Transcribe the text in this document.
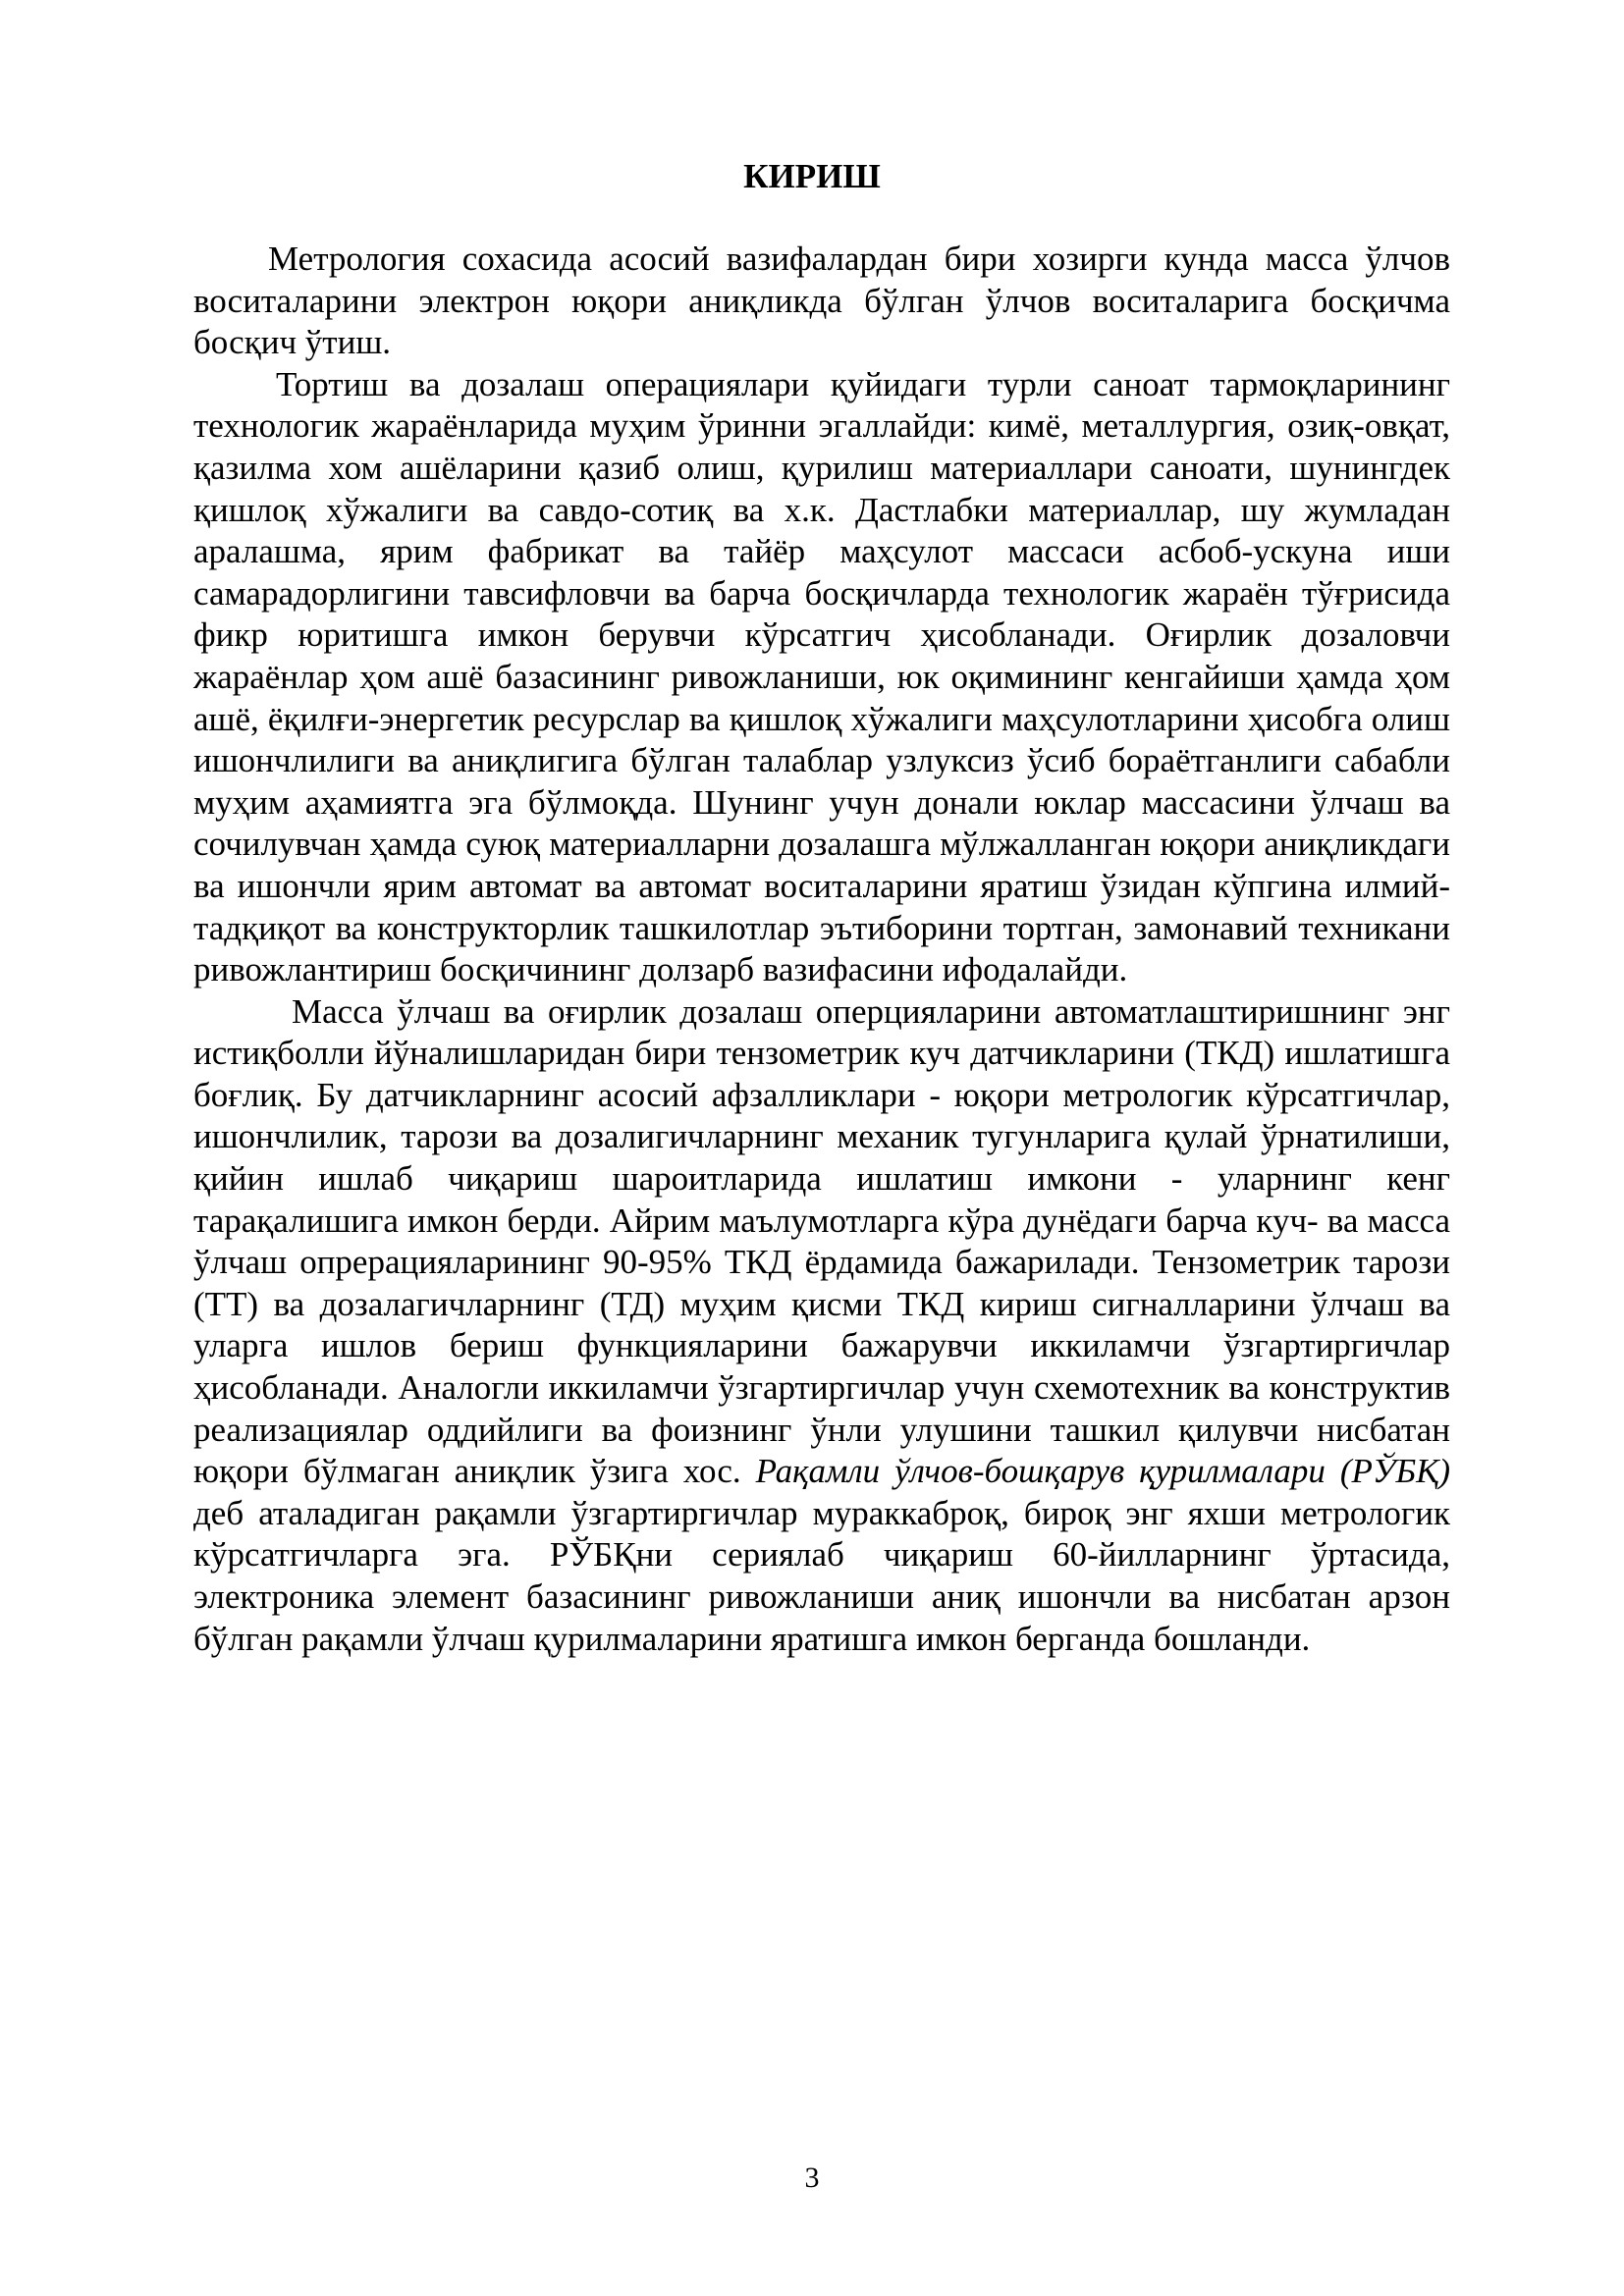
КИРИШ

Метрология сохасида асосий вазифалардан бири хозирги кунда масса ўлчов воситаларини электрон юқори аниқликда бўлган ўлчов воситаларига босқичма босқич ўтиш.

Тортиш ва дозалаш операциялари қуйидаги турли саноат тармоқларининг технологик жараёнларида муҳим ўринни эгаллайди: кимё, металлургия, озиқ-овқат, қазилма хом ашёларини қазиб олиш, қурилиш материаллари саноати, шунингдек қишлоқ хўжалиги ва савдо-сотиқ ва х.к. Дастлабки материаллар, шу жумладан аралашма, ярим фабрикат ва тайёр маҳсулот массаси асбоб-ускуна иши самарадорлигини тавсифловчи ва барча босқичларда технологик жараён тўғрисида фикр юритишга имкон берувчи кўрсатгич ҳисобланади. Оғирлик дозаловчи жараёнлар ҳом ашё базасининг ривожланиши, юк оқимининг кенгайиши ҳамда ҳом ашё, ёқилғи-энергетик ресурслар ва қишлоқ хўжалиги маҳсулотларини ҳисобга олиш ишончлилиги ва аниқлигига бўлган талаблар узлуксиз ўсиб бораётганлиги сабабли муҳим аҳамиятга эга бўлмоқда. Шунинг учун донали юклар массасини ўлчаш ва сочилувчан ҳамда суюқ материалларни дозалашга мўлжалланган юқори аниқликдаги ва ишончли ярим автомат ва автомат воситаларини яратиш ўзидан кўпгина илмий-тадқиқот ва конструкторлик ташкилотлар эътиборини тортган, замонавий техникани ривожлантириш босқичининг долзарб вазифасини ифодалайди.

Масса ўлчаш ва оғирлик дозалаш оперцияларини автоматлаштиришнинг энг истиқболли йўналишларидан бири тензометрик куч датчикларини (ТКД) ишлатишга боғлиқ. Бу датчикларнинг асосий афзалликлари - юқори метрологик кўрсатгичлар, ишончлилик, тарози ва дозалигичларнинг механик тугунларига қулай ўрнатилиши, қийин ишлаб чиқариш шароитларида ишлатиш имкони - уларнинг кенг тарақалишига имкон берди. Айрим маълумотларга кўра дунёдаги барча куч- ва масса ўлчаш опрерацияларининг 90-95% ТКД ёрдамида бажарилади. Тензометрик тарози (ТТ) ва дозалагичларнинг (ТД) муҳим қисми ТКД кириш сигналларини ўлчаш ва уларга ишлов бериш функцияларини бажарувчи иккиламчи ўзгартиргичлар ҳисобланади. Аналогли иккиламчи ўзгартиргичлар учун схемотехник ва конструктив реализациялар оддийлиги ва фоизнинг ўнли улушини ташкил қилувчи нисбатан юқори бўлмаган аниқлик ўзига хос. Рақамли ўлчов-бошқарув қурилмалари (РЎБҚ) деб аталадиган рақамли ўзгартиргичлар мураккаброқ, бироқ энг яхши метрологик кўрсатгичларга эга. РЎБҚни сериялаб чиқариш 60-йилларнинг ўртасида, электроника элемент базасининг ривожланиши аниқ ишончли ва нисбатан арзон бўлган рақамли ўлчаш қурилмаларини яратишга имкон берганда бошланди.

3
